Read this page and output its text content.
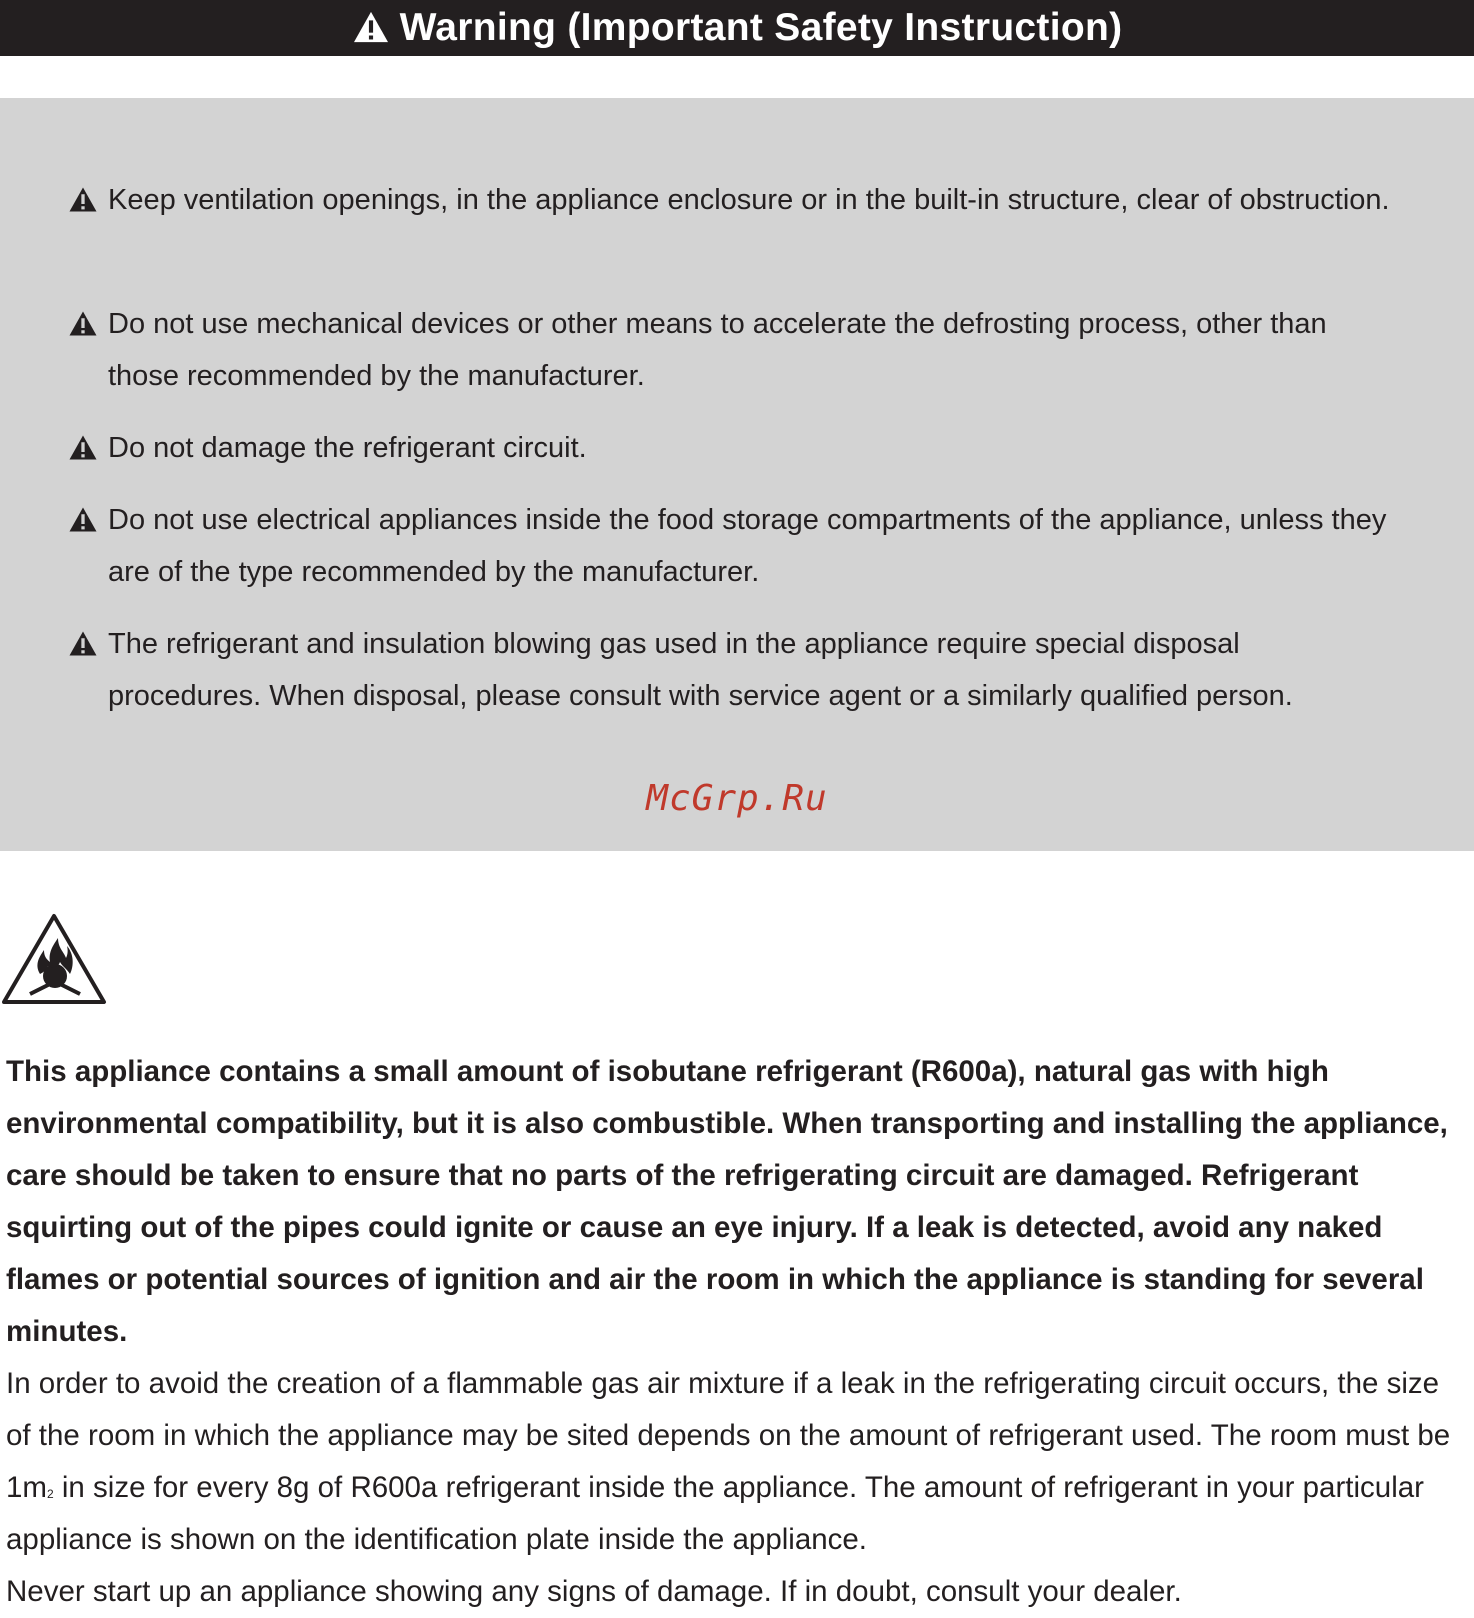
Warning (Important Safety Instruction)
Keep ventilation openings, in the appliance enclosure or in the built-in structure, clear of obstruction.
Do not use mechanical devices or other means to accelerate the defrosting process, other than those recommended by the manufacturer.
Do not damage the refrigerant circuit.
Do not use electrical appliances inside the food storage compartments of the appliance, unless they are of the type recommended by the manufacturer.
The refrigerant and insulation blowing gas used in the appliance require special disposal procedures. When disposal, please consult with service agent or a similarly qualified person.
McGrp.Ru

This appliance contains a small amount of isobutane refrigerant (R600a), natural gas with high environmental compatibility, but it is also combustible. When transporting and installing the appliance, care should be taken to ensure that no parts of the refrigerating circuit are damaged. Refrigerant squirting out of the pipes could ignite or cause an eye injury. If a leak is detected, avoid any naked flames or potential sources of ignition and air the room in which the appliance is standing for several minutes.

In order to avoid the creation of a flammable gas air mixture if a leak in the refrigerating circuit occurs, the size of the room in which the appliance may be sited depends on the amount of refrigerant used. The room must be $1m^2$ in size for every 8g of R600a refrigerant inside the appliance. The amount of refrigerant in your particular appliance is shown on the identification plate inside the appliance.

Never start up an appliance showing any signs of damage. If in doubt, consult your dealer.
